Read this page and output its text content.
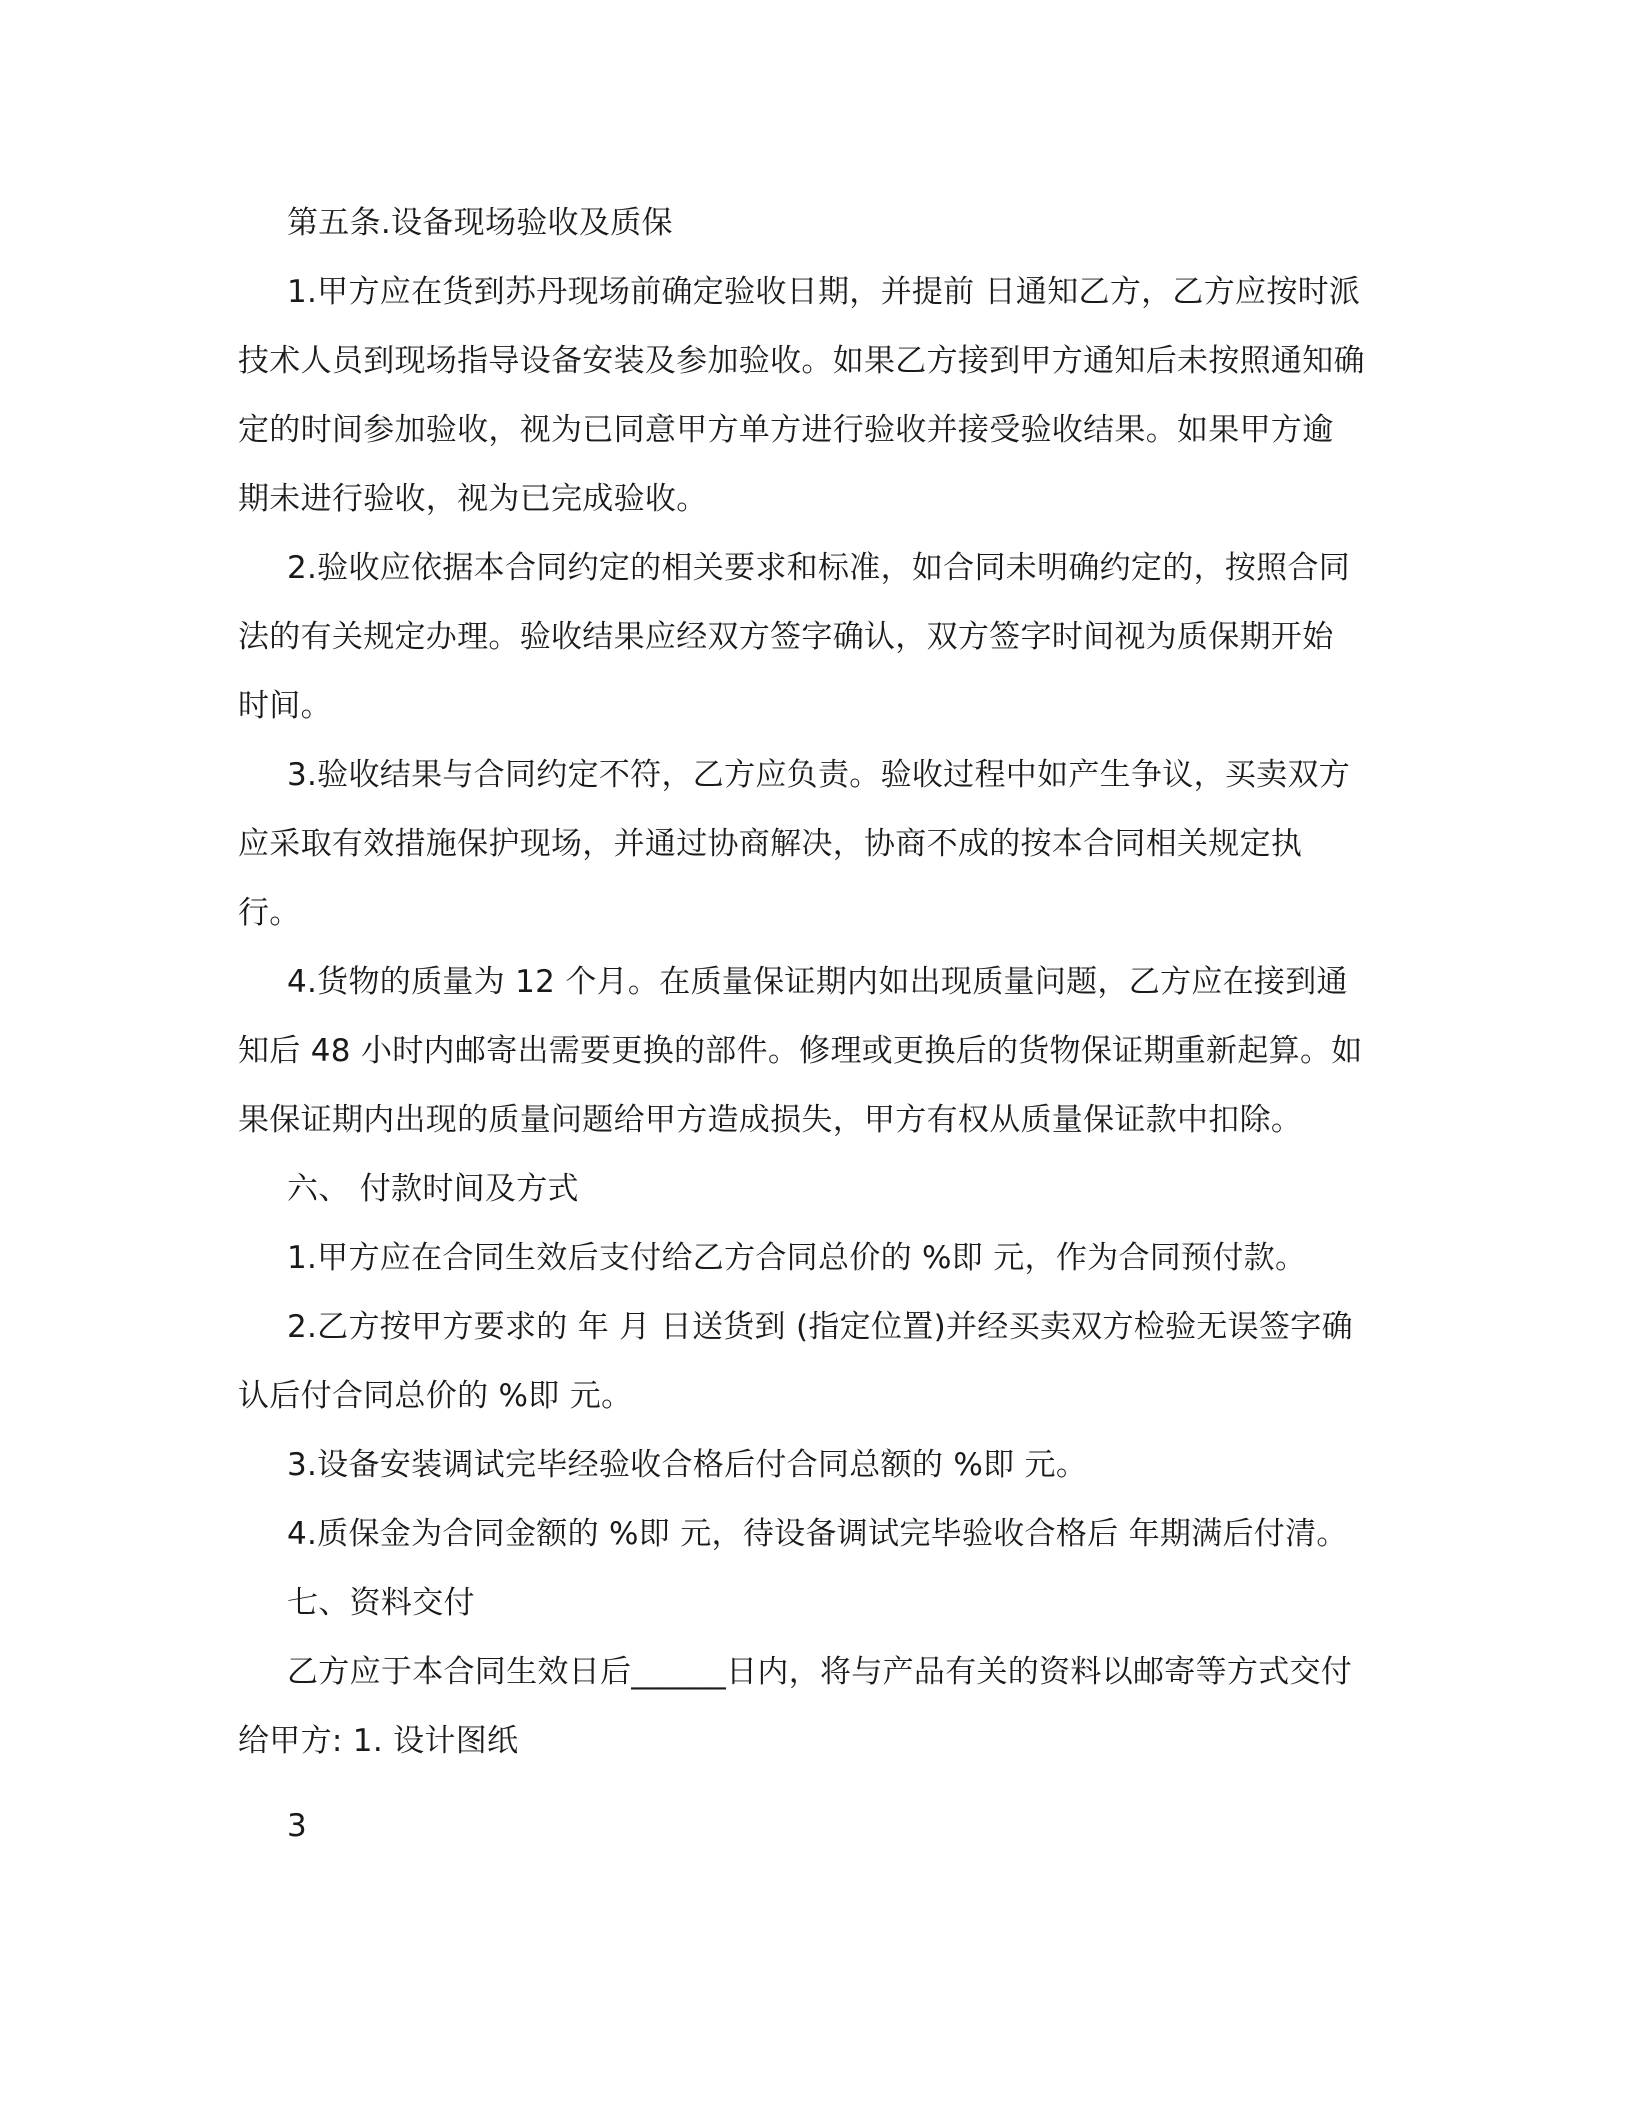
第五条.设备现场验收及质保

1.甲方应在货到苏丹现场前确定验收日期，并提前 日通知乙方，乙方应按时派

技术人员到现场指导设备安装及参加验收。如果乙方接到甲方通知后未按照通知确

定的时间参加验收，视为已同意甲方单方进行验收并接受验收结果。如果甲方逾

期未进行验收，视为已完成验收。

2.验收应依据本合同约定的相关要求和标准，如合同未明确约定的，按照合同

法的有关规定办理。验收结果应经双方签字确认，双方签字时间视为质保期开始

时间。

3.验收结果与合同约定不符，乙方应负责。验收过程中如产生争议，买卖双方

应采取有效措施保护现场，并通过协商解决，协商不成的按本合同相关规定执

行。

4.货物的质量为 12 个月。在质量保证期内如出现质量问题，乙方应在接到通

知后 48 小时内邮寄出需要更换的部件。修理或更换后的货物保证期重新起算。如

果保证期内出现的质量问题给甲方造成损失，甲方有权从质量保证款中扣除。

六、 付款时间及方式

1.甲方应在合同生效后支付给乙方合同总价的 %即 元，作为合同预付款。

2.乙方按甲方要求的 年 月 日送货到 (指定位置)并经买卖双方检验无误签字确

认后付合同总价的 %即 元。

3.设备安装调试完毕经验收合格后付合同总额的 %即 元。

4.质保金为合同金额的 %即 元，待设备调试完毕验收合格后 年期满后付清。

七、资料交付

乙方应于本合同生效日后______日内，将与产品有关的资料以邮寄等方式交付

给甲方: 1. 设计图纸

3
